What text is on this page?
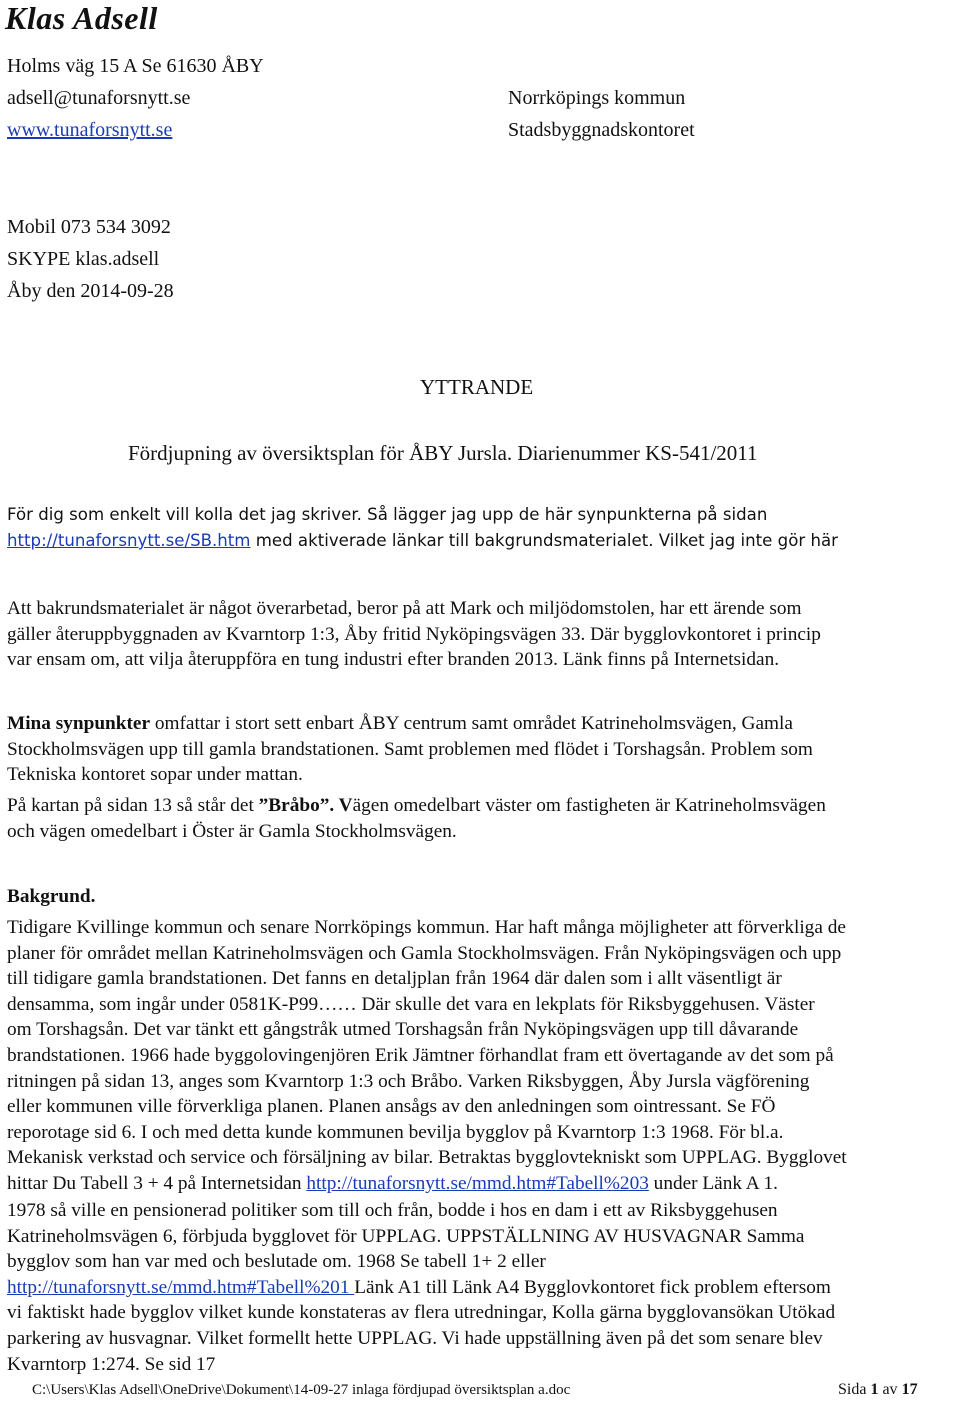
Klas Adsell
Holms väg 15 A Se 61630 ÅBY
adsell@tunaforsnytt.se
www.tunaforsnytt.se
Norrköpings kommun
Stadsbyggnadskontoret
Mobil 073 534 3092
SKYPE klas.adsell
Åby den 2014-09-28
YTTRANDE
Fördjupning av översiktsplan för ÅBY Jursla. Diarienummer KS-541/2011
För dig som enkelt vill kolla det jag skriver. Så lägger jag upp de här synpunkterna på sidan
http://tunaforsnytt.se/SB.htm med aktiverade länkar till bakgrundsmaterialet. Vilket jag inte gör här
Att bakrundsmaterialet är något överarbetad, beror på att Mark och miljödomstolen, har ett ärende som
gäller återuppbyggnaden av Kvarntorp 1:3, Åby fritid Nyköpingsvägen 33. Där bygglovkontoret i princip
var ensam om, att vilja återuppföra en tung industri efter branden 2013. Länk finns på Internetsidan.
Mina synpunkter omfattar i stort sett enbart ÅBY centrum samt området Katrineholmsvägen, Gamla
Stockholmsvägen upp till gamla brandstationen. Samt problemen med flödet i Torshagsån. Problem som
Tekniska kontoret sopar under mattan.
På kartan på sidan 13 så står det ”Bråbo”. Vägen omedelbart väster om fastigheten är Katrineholmsvägen
och vägen omedelbart i Öster är Gamla Stockholmsvägen.
Bakgrund.
Tidigare Kvillinge kommun och senare Norrköpings kommun. Har haft många möjligheter att förverkliga de
planer för området mellan Katrineholmsvägen och Gamla Stockholmsvägen. Från Nyköpingsvägen och upp
till tidigare gamla brandstationen. Det fanns en detaljplan från 1964 där dalen som i allt väsentligt är
densamma, som ingår under 0581K-P99…… Där skulle det vara en lekplats för Riksbyggehusen. Väster
om Torshagsån. Det var tänkt ett gångstråk utmed Torshagsån från Nyköpingsvägen upp till dåvarande
brandstationen. 1966 hade byggolovingenjören Erik Jämtner förhandlat fram ett övertagande av det som på
ritningen på sidan 13, anges som Kvarntorp 1:3 och Bråbo. Varken Riksbyggen, Åby Jursla vägförening
eller kommunen ville förverkliga planen. Planen ansågs av den anledningen som ointressant. Se FÖ
reporotage sid 6. I och med detta kunde kommunen bevilja bygglov på Kvarntorp 1:3 1968. För bl.a.
Mekanisk verkstad och service och försäljning av bilar. Betraktas bygglovtekniskt som UPPLAG. Bygglovet
hittar Du Tabell 3 + 4 på Internetsidan http://tunaforsnytt.se/mmd.htm#Tabell%203 under Länk A 1.
1978 så ville en pensionerad politiker som till och från, bodde i hos en dam i ett av Riksbyggehusen
Katrineholmsvägen 6, förbjuda bygglovet för UPPLAG. UPPSTÄLLNING AV HUSVAGNAR Samma
bygglov som han var med och beslutade om. 1968 Se tabell 1+ 2 eller
http://tunaforsnytt.se/mmd.htm#Tabell%201 Länk A1 till Länk A4 Bygglovkontoret fick problem eftersom
vi faktiskt hade bygglov vilket kunde konstateras av flera utredningar, Kolla gärna bygglovansökan Utökad
parkering av husvagnar. Vilket formellt hette UPPLAG. Vi hade uppställning även på det som senare blev
Kvarntorp 1:274. Se sid 17
C:\Users\Klas Adsell\OneDrive\Dokument\14-09-27 inlaga fördjupad översiktsplan a.doc	Sida 1 av 17
